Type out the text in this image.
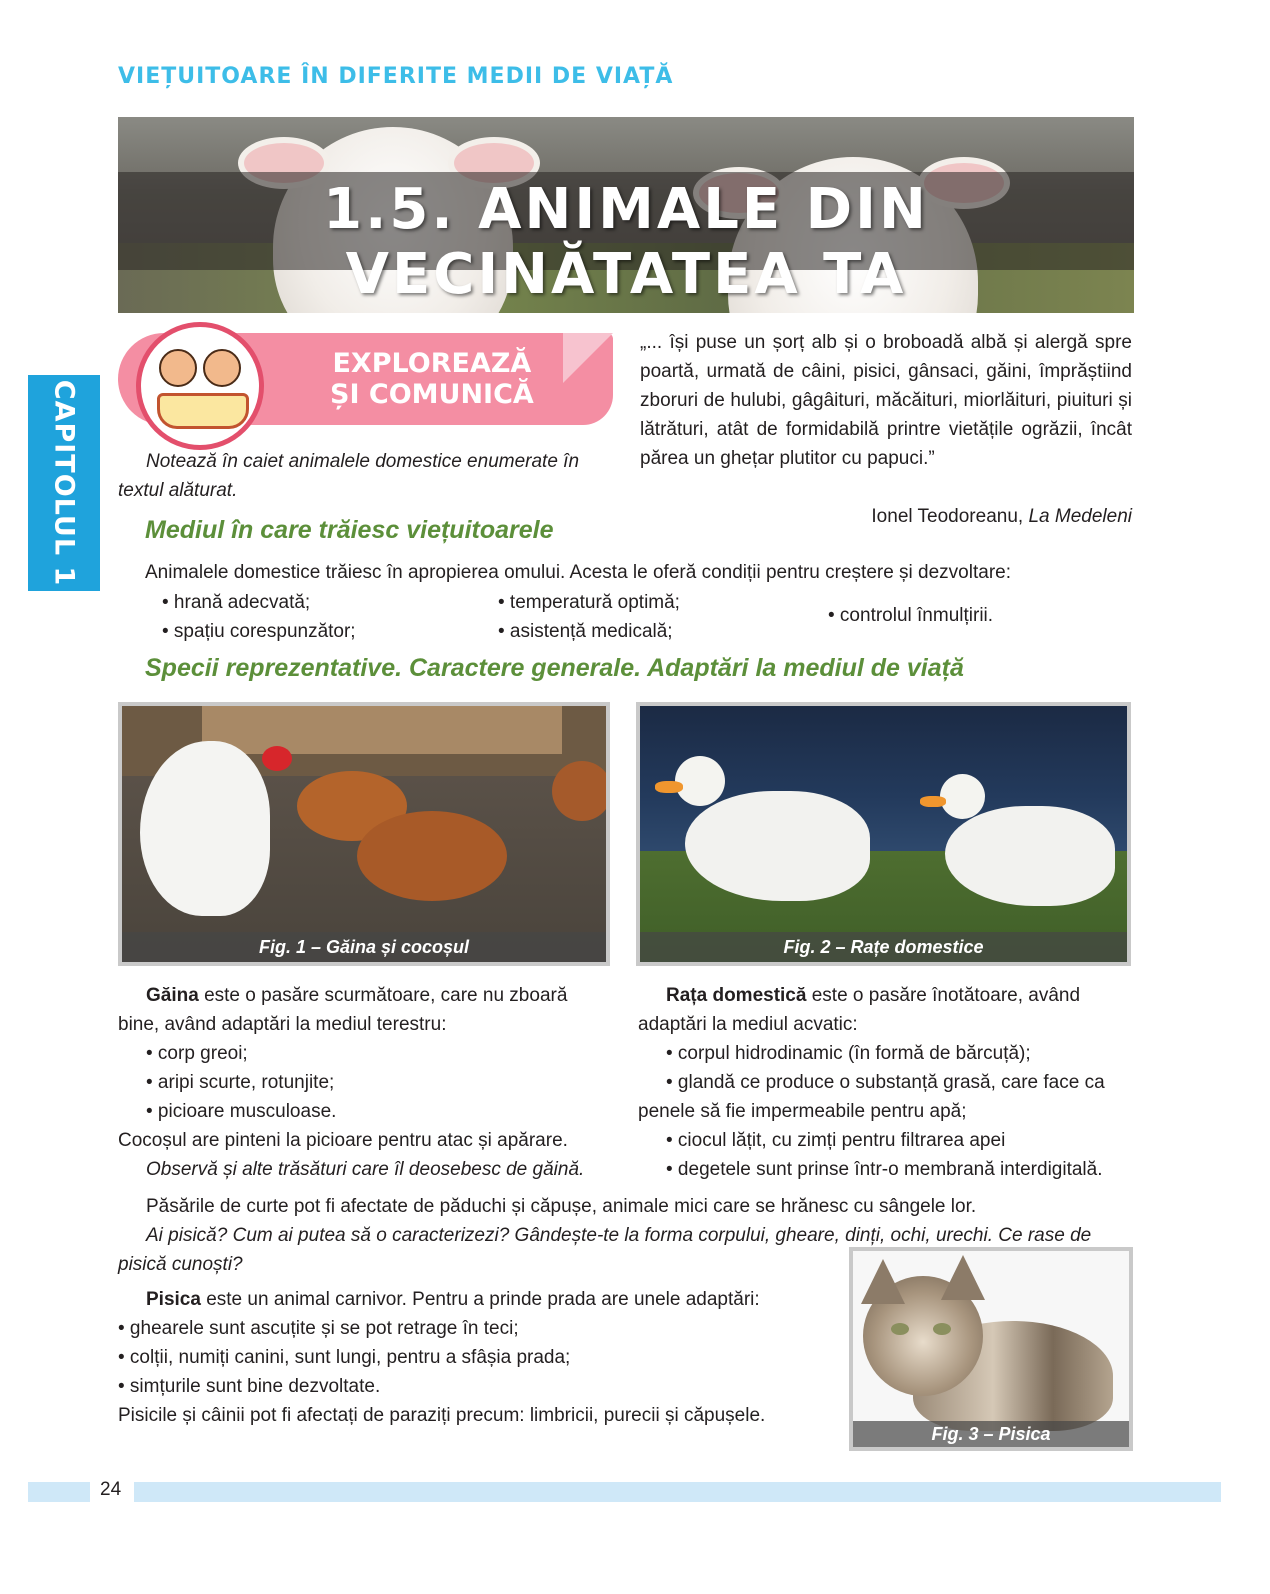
VIEȚUITOARE ÎN DIFERITE MEDII DE VIAȚĂ
1.5. ANIMALE DIN VECINĂTATEA TA
CAPITOLUL 1
EXPLOREAZĂ
ȘI COMUNICĂ
Notează în caiet animalele domestice enumerate în textul alăturat.
„... își puse un șorț alb și o broboadă albă și alergă spre poartă, urmată de câini, pisici, gânsaci, găini, împrăștiind zboruri de hulubi, gâgâituri, măcăituri, miorlăituri, piuituri și lătrături, atât de formidabilă printre vietățile ogrăzii, încât părea un ghețar plutitor cu papuci.”
Ionel Teodoreanu, La Medeleni
Mediul în care trăiesc viețuitoarele
Animalele domestice trăiesc în apropierea omului. Acesta le oferă condiții pentru creștere și dezvoltare:
• hrană adecvată;
• spațiu corespunzător;
• temperatură optimă;
• asistență medicală;
• controlul înmulțirii.
Specii reprezentative. Caractere generale. Adaptări la mediul de viață
Fig. 1 – Găina și cocoșul	Fig. 2 – Rațe domestice
Găina este o pasăre scurmătoare, care nu zboară bine, având adaptări la mediul terestru:
• corp greoi;
• aripi scurte, rotunjite;
• picioare musculoase.
Cocoșul are pinteni la picioare pentru atac și apărare.
Observă și alte trăsături care îl deosebesc de găină.
Rața domestică este o pasăre înotătoare, având adaptări la mediul acvatic:
• corpul hidrodinamic (în formă de bărcuță);
• glandă ce produce o substanță grasă, care face ca penele să fie impermeabile pentru apă;
• ciocul lățit, cu zimți pentru filtrarea apei
• degetele sunt prinse într-o membrană interdigitală.
Păsările de curte pot fi afectate de păduchi și căpușe, animale mici care se hrănesc cu sângele lor.
Ai pisică? Cum ai putea să o caracterizezi? Gândește-te la forma corpului, gheare, dinți, ochi, urechi. Ce rase de pisică cunoști?
Pisica este un animal carnivor. Pentru a prinde prada are unele adaptări:
• ghearele sunt ascuțite și se pot retrage în teci;
• colții, numiți canini, sunt lungi, pentru a sfâșia prada;
• simțurile sunt bine dezvoltate.
Pisicile și câinii pot fi afectați de paraziți precum: limbricii, purecii și căpușele.
Fig. 3 – Pisica
24
